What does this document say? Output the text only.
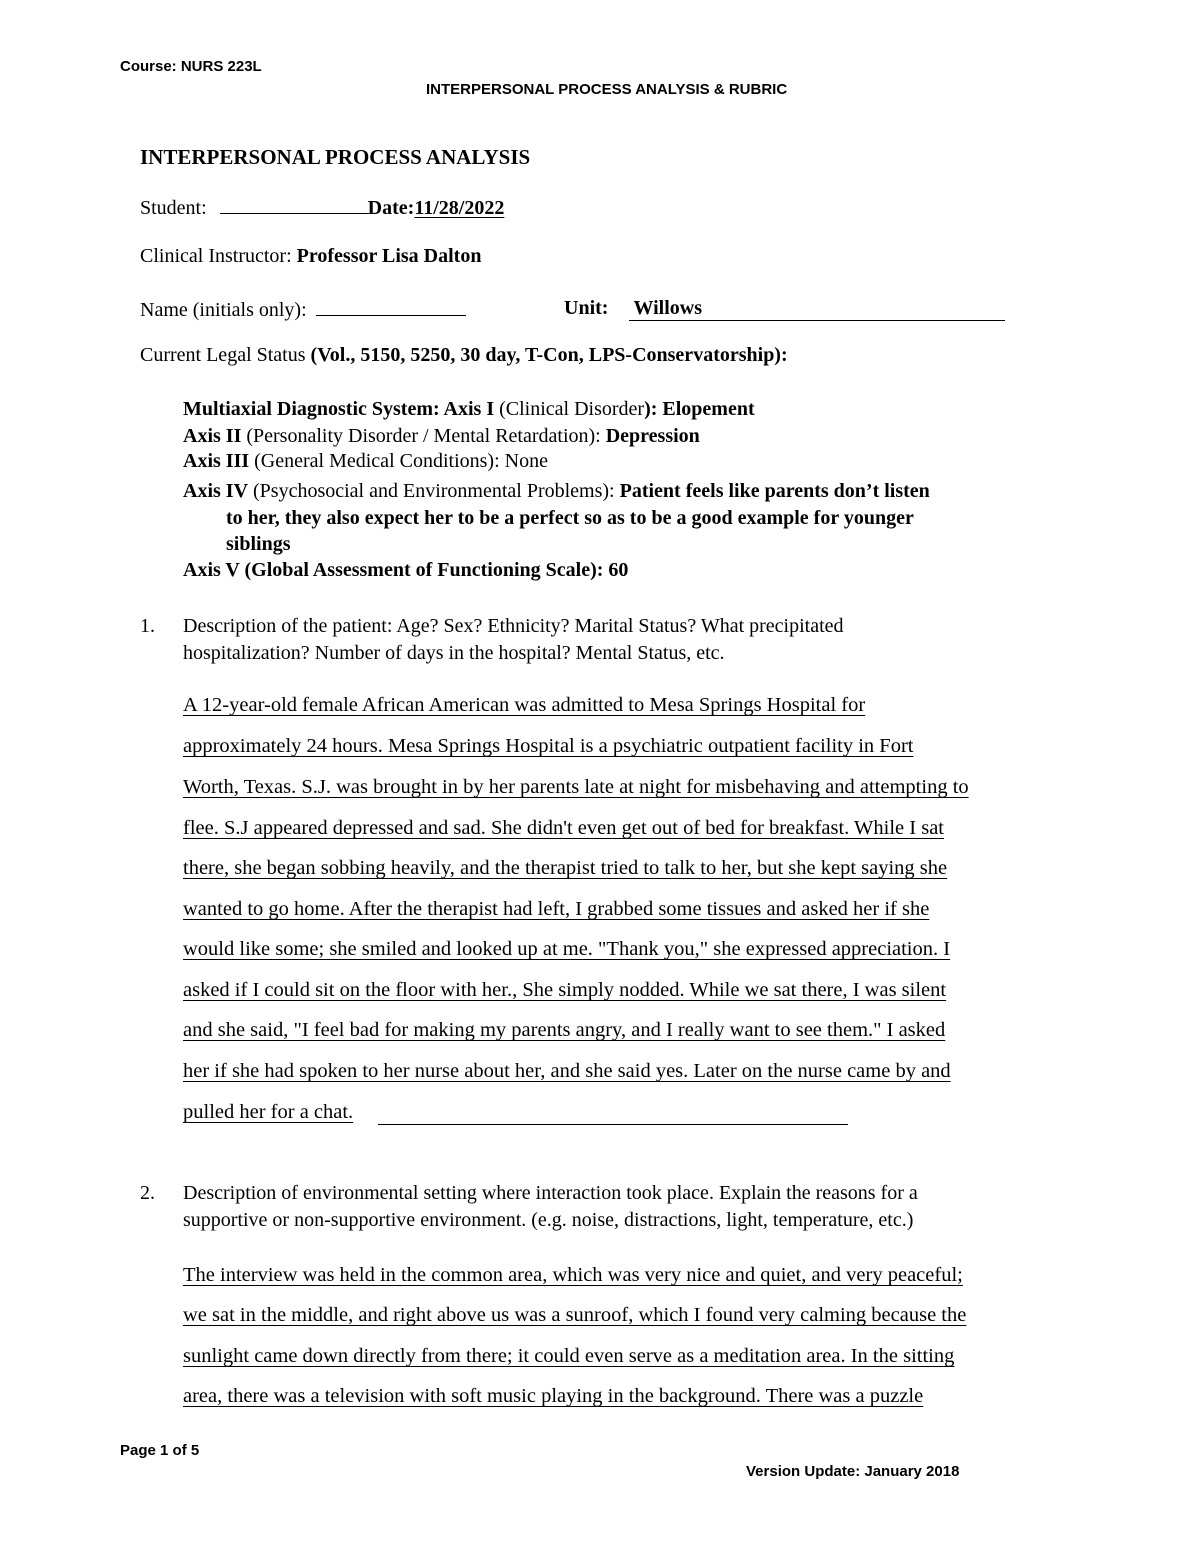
Course: NURS 223L
INTERPERSONAL PROCESS ANALYSIS & RUBRIC
INTERPERSONAL PROCESS ANALYSIS
Student:	Date:11/28/2022
Clinical Instructor: Professor Lisa Dalton
Name (initials only):	Unit: Willows
Current Legal Status (Vol., 5150, 5250, 30 day, T-Con, LPS-Conservatorship):
Multiaxial Diagnostic System: Axis I (Clinical Disorder): Elopement
Axis II (Personality Disorder / Mental Retardation): Depression
Axis III (General Medical Conditions): None
Axis IV (Psychosocial and Environmental Problems): Patient feels like parents don’t listen
to her, they also expect her to be a perfect so as to be a good example for younger
siblings
Axis V (Global Assessment of Functioning Scale): 60
1. Description of the patient: Age? Sex? Ethnicity? Marital Status? What precipitated
hospitalization? Number of days in the hospital? Mental Status, etc.
A 12-year-old female African American was admitted to Mesa Springs Hospital for
approximately 24 hours. Mesa Springs Hospital is a psychiatric outpatient facility in Fort
Worth, Texas. S.J. was brought in by her parents late at night for misbehaving and attempting to
flee. S.J appeared depressed and sad. She didn't even get out of bed for breakfast. While I sat
there, she began sobbing heavily, and the therapist tried to talk to her, but she kept saying she
wanted to go home. After the therapist had left, I grabbed some tissues and asked her if she
would like some; she smiled and looked up at me. "Thank you," she expressed appreciation. I
asked if I could sit on the floor with her., She simply nodded. While we sat there, I was silent
and she said, "I feel bad for making my parents angry, and I really want to see them." I asked
her if she had spoken to her nurse about her, and she said yes. Later on the nurse came by and
pulled her for a chat.
2. Description of environmental setting where interaction took place. Explain the reasons for a
supportive or non-supportive environment. (e.g. noise, distractions, light, temperature, etc.)
The interview was held in the common area, which was very nice and quiet, and very peaceful;
we sat in the middle, and right above us was a sunroof, which I found very calming because the
sunlight came down directly from there; it could even serve as a meditation area. In the sitting
area, there was a television with soft music playing in the background. There was a puzzle
Page 1 of 5
Version Update: January 2018
